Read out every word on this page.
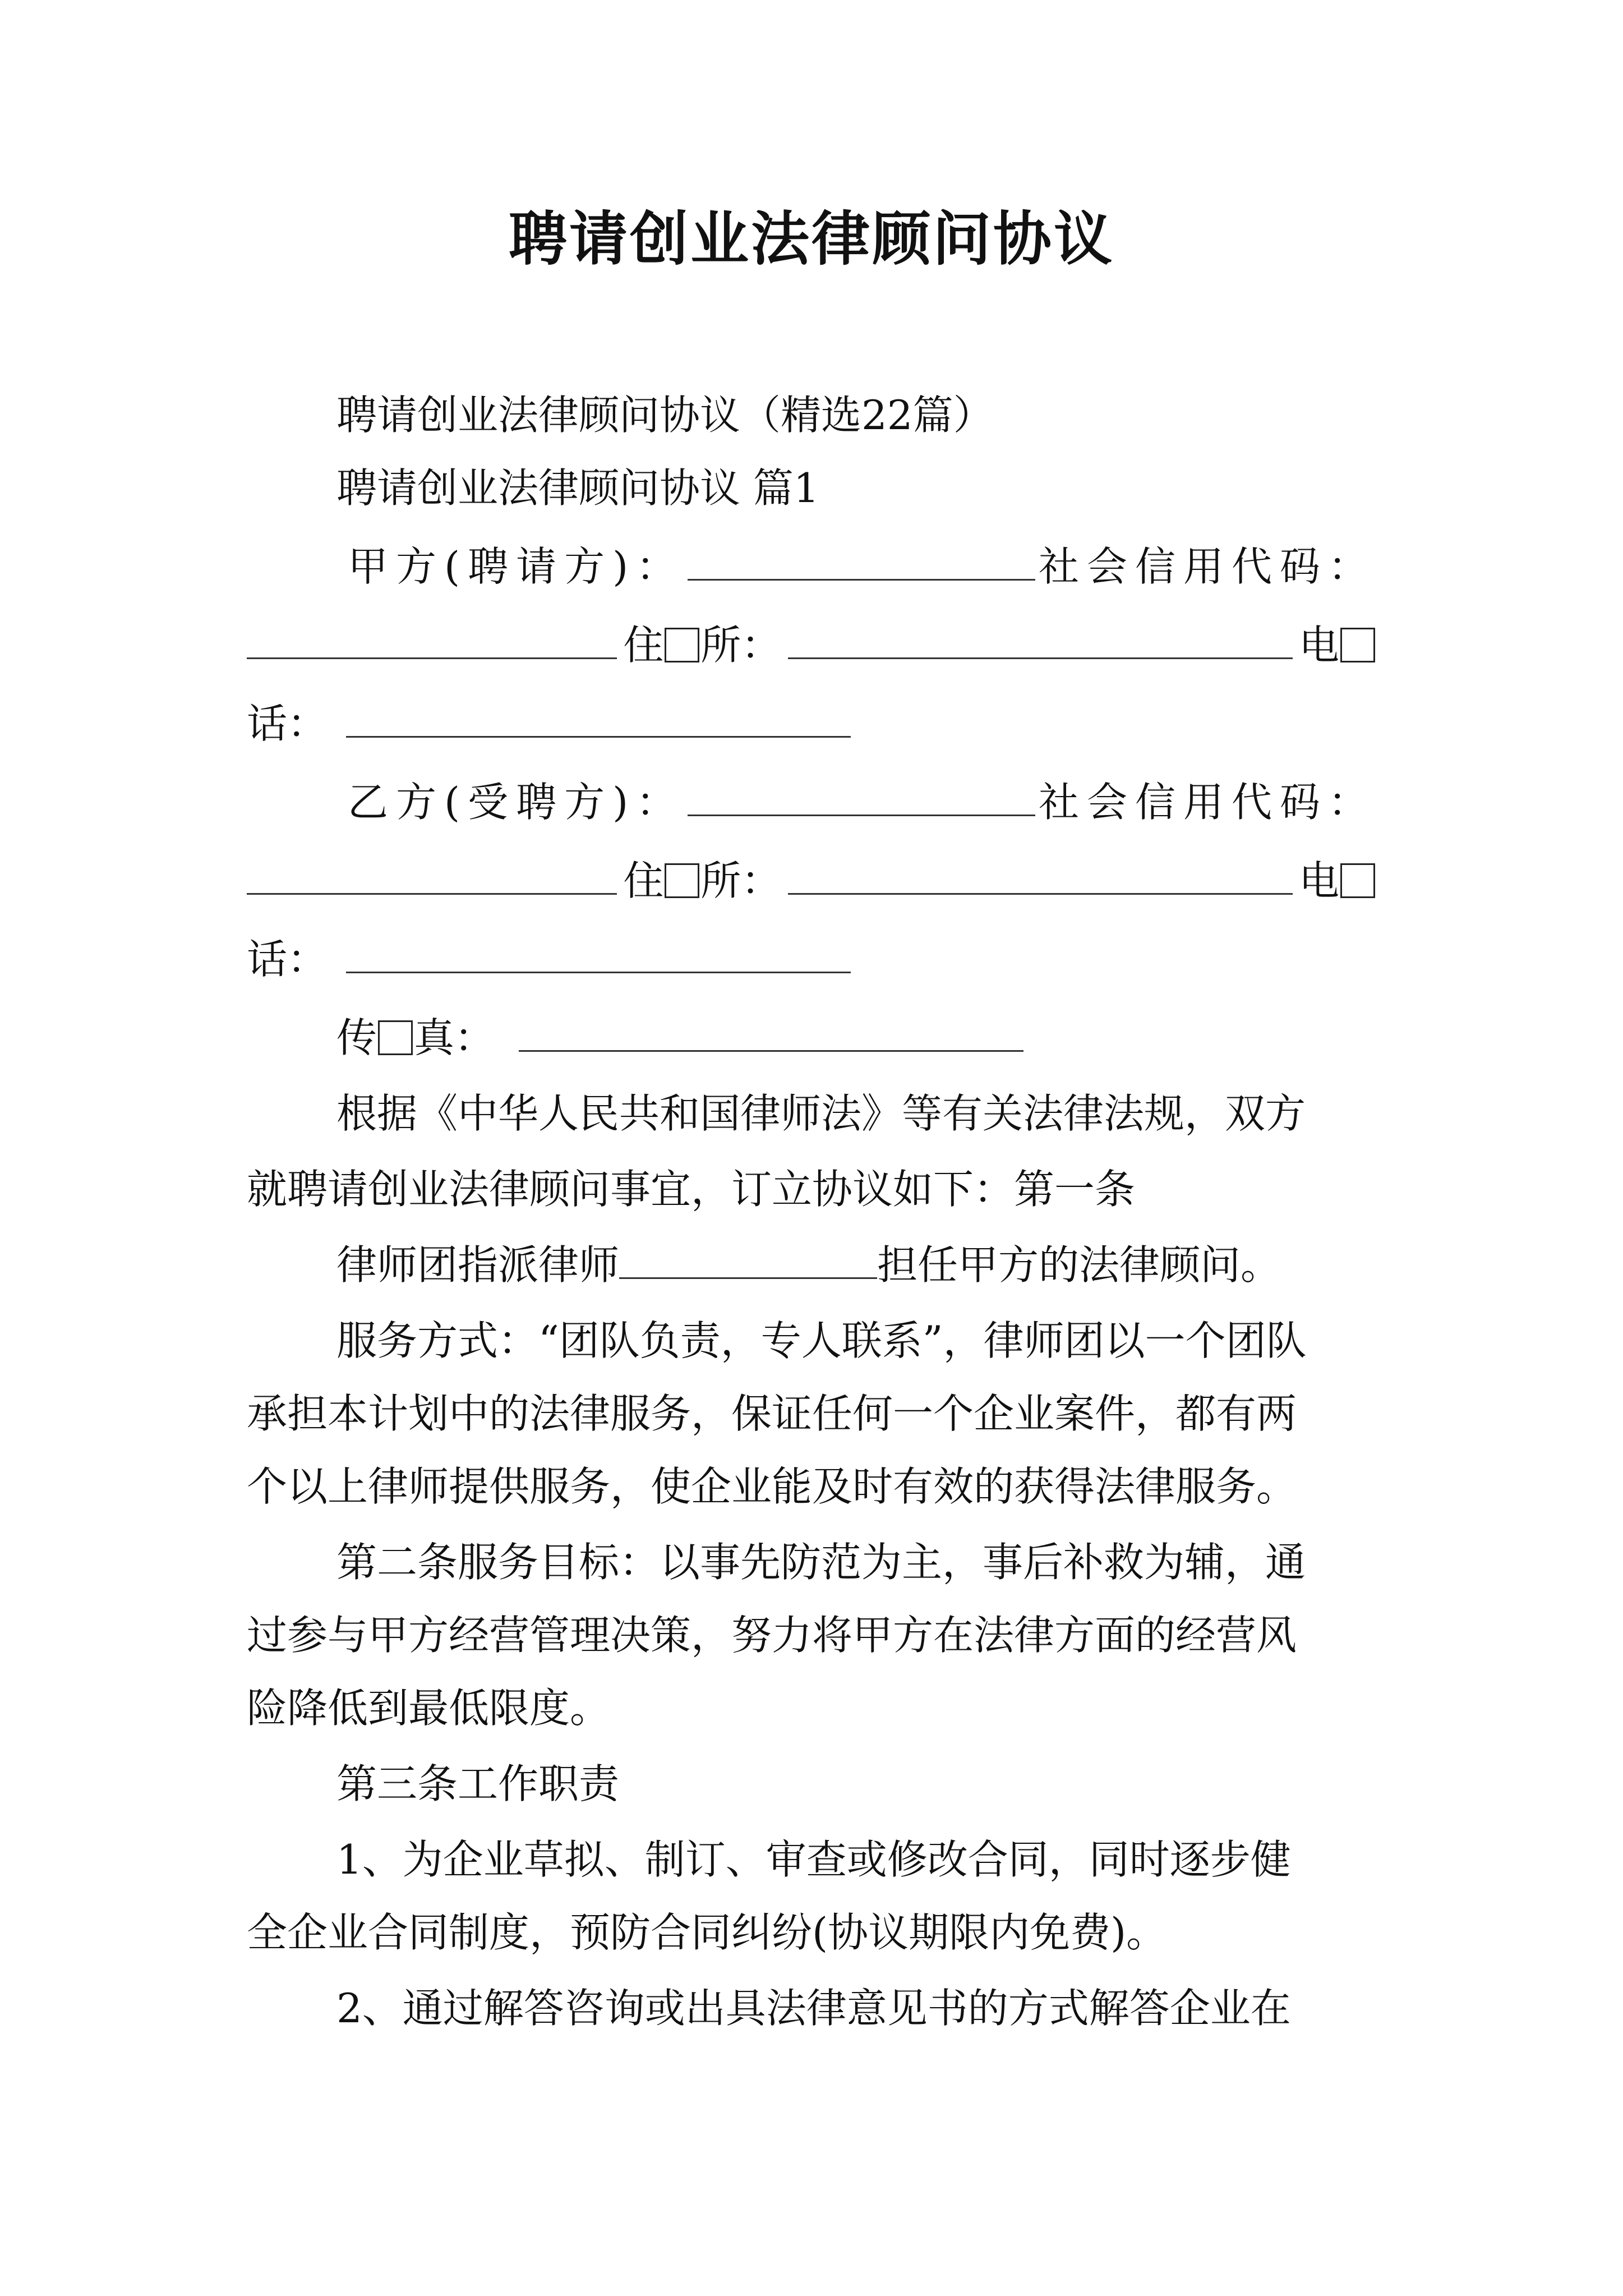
聘请创业法律顾问协议
聘请创业法律顾问协议（精选22篇）
聘请创业法律顾问协议 篇1
甲方(聘请方)：	社会信用代码：
住 所：	电
话：
乙方(受聘方)：	社会信用代码：
住 所：	电
话：
传 真：
根据《中华人民共和国律师法》等有关法律法规，双方
就聘请创业法律顾问事宜，订立协议如下：第一条
律师团指派律师	担任甲方的法律顾问。
服务方式：“团队负责，专人联系”，律师团以一个团队
承担本计划中的法律服务，保证任何一个企业案件，都有两
个以上律师提供服务，使企业能及时有效的获得法律服务。
第二条服务目标：以事先防范为主，事后补救为辅，通
过参与甲方经营管理决策，努力将甲方在法律方面的经营风
险降低到最低限度。
第三条工作职责
1、为企业草拟、制订、审查或修改合同，同时逐步健
全企业合同制度，预防合同纠纷(协议期限内免费)。
2、通过解答咨询或出具法律意见书的方式解答企业在
